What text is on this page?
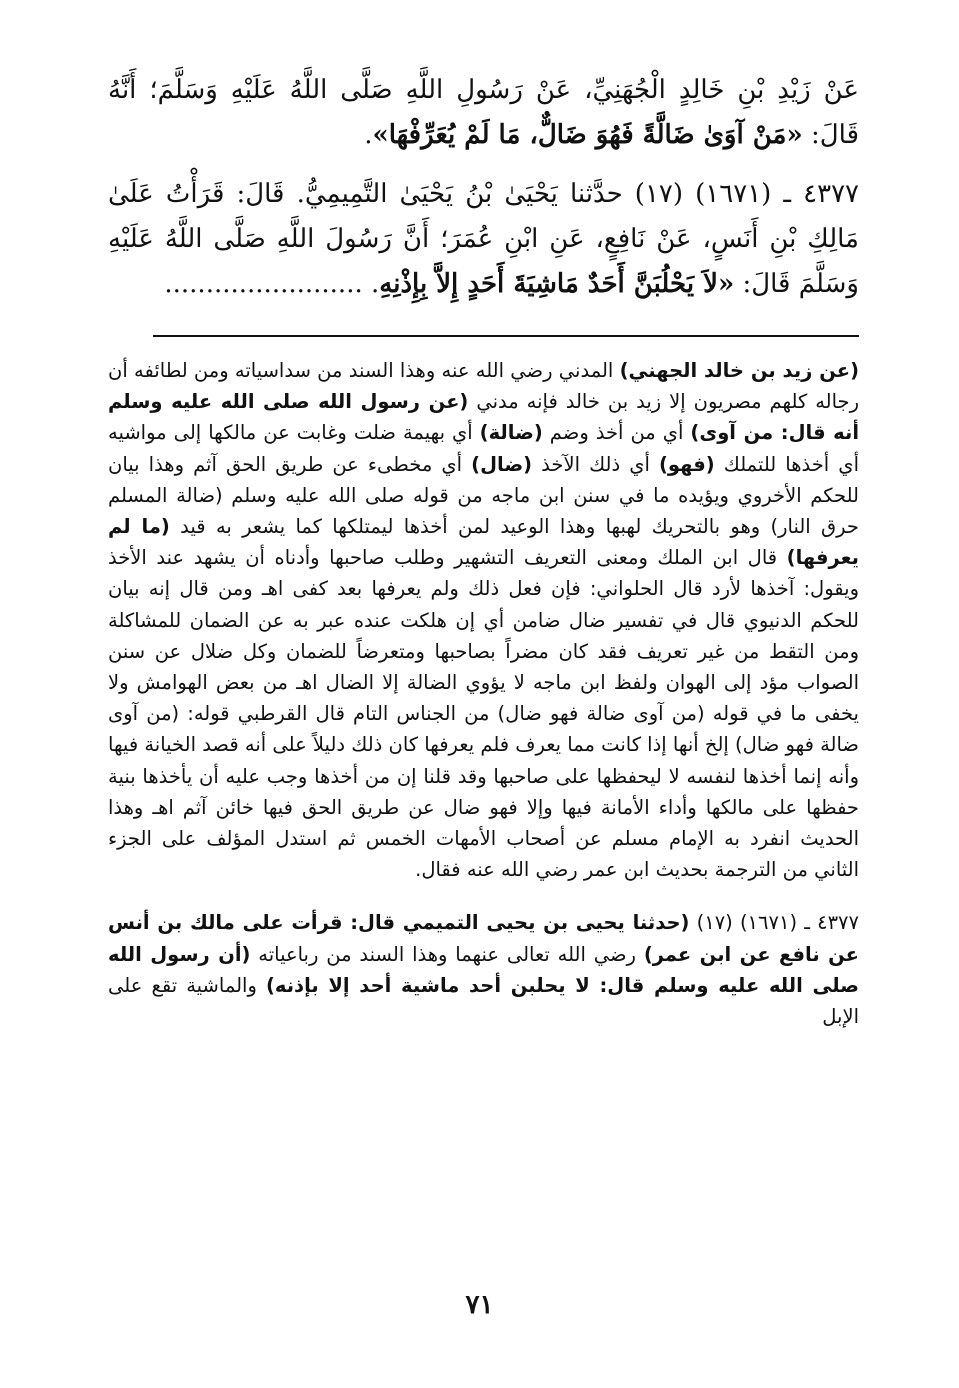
عَنْ زَيْدِ بْنِ خَالِدٍ الْجُهَنِيِّ، عَنْ رَسُولِ اللَّهِ صَلَّى اللَّهُ عَلَيْهِ وَسَلَّمَ؛ أَنَّهُ قَالَ: «مَنْ آوَىٰ ضَالَّةً فَهُوَ ضَالٌّ، مَا لَمْ يُعَرِّفْهَا».

٤٣٧٧ ـ (١٦٧١) (١٧) حدَّثنا يَحْيَىٰ بْنُ يَحْيَىٰ التَّمِيمِيُّ. قَالَ: قَرَأْتُ عَلَىٰ مَالِكِ بْنِ أَنَسٍ، عَنْ نَافِعٍ، عَنِ ابْنِ عُمَرَ؛ أَنَّ رَسُولَ اللَّهِ صَلَّى اللَّهُ عَلَيْهِ وَسَلَّمَ قَالَ: «لاَ يَحْلُبَنَّ أَحَدٌ مَاشِيَةَ أَحَدٍ إِلاَّ بِإِذْنِهِ. ........................

(عن زيد بن خالد الجهني) المدني رضي الله عنه وهذا السند من سداسياته ومن لطائفه أن رجاله كلهم مصريون إلا زيد بن خالد فإنه مدني (عن رسول الله صلى الله عليه وسلم أنه قال: من آوى) أي من أخذ وضم (ضالة) أي بهيمة ضلت وغابت عن مالكها إلى مواشيه أي أخذها للتملك (فهو) أي ذلك الآخذ (ضال) أي مخطىء عن طريق الحق آثم وهذا بيان للحكم الأخروي ويؤيده ما في سنن ابن ماجه من قوله صلى الله عليه وسلم (ضالة المسلم حرق النار) وهو بالتحريك لهبها وهذا الوعيد لمن أخذها ليمتلكها كما يشعر به قيد (ما لم يعرفها) قال ابن الملك ومعنى التعريف التشهير وطلب صاحبها وأدناه أن يشهد عند الأخذ ويقول: آخذها لأرد قال الحلواني: فإن فعل ذلك ولم يعرفها بعد كفى اهـ ومن قال إنه بيان للحكم الدنيوي قال في تفسير ضال ضامن أي إن هلكت عنده عبر به عن الضمان للمشاكلة ومن التقط من غير تعريف فقد كان مضراً بصاحبها ومتعرضاً للضمان وكل ضلال عن سنن الصواب مؤد إلى الهوان ولفظ ابن ماجه لا يؤوي الضالة إلا الضال اهـ من بعض الهوامش ولا يخفى ما في قوله (من آوى ضالة فهو ضال) من الجناس التام قال القرطبي قوله: (من آوى ضالة فهو ضال) إلخ أنها إذا كانت مما يعرف فلم يعرفها كان ذلك دليلاً على أنه قصد الخيانة فيها وأنه إنما أخذها لنفسه لا ليحفظها على صاحبها وقد قلنا إن من أخذها وجب عليه أن يأخذها بنية حفظها على مالكها وأداء الأمانة فيها وإلا فهو ضال عن طريق الحق فيها خائن آثم اهـ وهذا الحديث انفرد به الإمام مسلم عن أصحاب الأمهات الخمس ثم استدل المؤلف على الجزء الثاني من الترجمة بحديث ابن عمر رضي الله عنه فقال.

٤٣٧٧ ـ (١٦٧١) (١٧) (حدثنا يحيى بن يحيى التميمي قال: قرأت على مالك بن أنس عن نافع عن ابن عمر) رضي الله تعالى عنهما وهذا السند من رباعياته (أن رسول الله صلى الله عليه وسلم قال: لا يحلبن أحد ماشية أحد إلا بإذنه) والماشية تقع على الإبل

٧١
